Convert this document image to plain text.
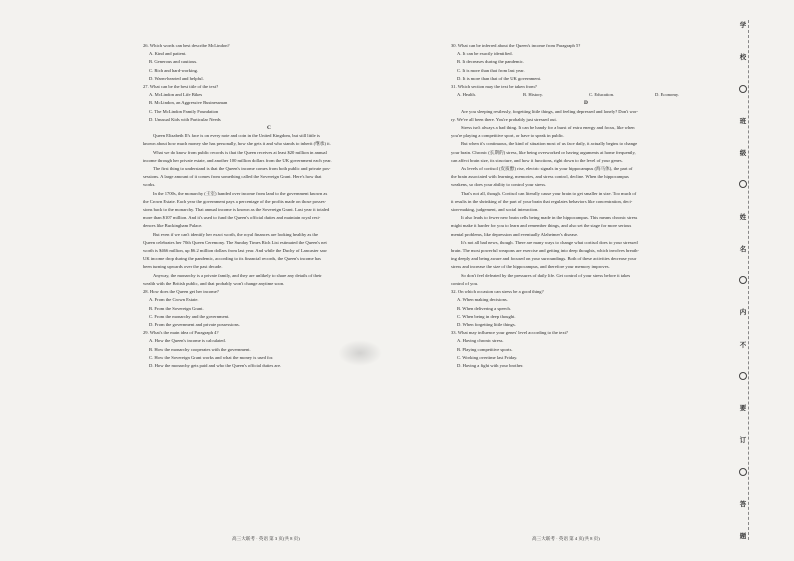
26. Which words can best describe McLindon?
A. Kind and patient.
B. Generous and cautious.
C. Rich and hard-working.
D. Warm-hearted and helpful.
27. What can be the best title of the text?
A. McLindon and Life Bikes
B. McLindon, an Aggressive Businessman
C. The McLindon Family Foundation
D. Unusual Kids with Particular Needs
C
Queen Elizabeth II's face is on every note and coin in the United Kingdom, but still little is
known about how much money she has personally, how she gets it and who stands to inherit (继承) it.
What we do know from public records is that the Queen receives at least $20 million in annual
income through her private estate, and another 100 million dollars from the UK government each year.
The first thing to understand is that the Queen's income comes from both public and private pos-
sessions. A large amount of it comes from something called the Sovereign Grant. Here's how that
works.
In the 1700s, the monarchy (王室) handed over income from land to the government known as
the Crown Estate. Each year the government pays a percentage of the profits made on those posses-
sions back to the monarchy. That annual income is known as the Sovereign Grant. Last year it totaled
more than $107 million. And it's used to fund the Queen's official duties and maintain royal resi-
dences like Buckingham Palace.
But even if we can't identify her exact worth, the royal finances are looking healthy as the
Queen celebrates her 70th Queen Ceremony. The Sunday Times Rich List estimated the Queen's net
worth is $466 million, up $6.2 million dollars from last year. And while the Duchy of Lancaster saw
UK income drop during the pandemic, according to its financial records, the Queen's income has
been turning upwards over the past decade.
Anyway, the monarchy is a private family, and they are unlikely to share any details of their
wealth with the British public, and that probably won't change anytime soon.
28. How does the Queen get her income?
A. From the Crown Estate.
B. From the Sovereign Grant.
C. From the monarchy and the government.
D. From the government and private possessions.
29. What's the main idea of Paragraph 4?
A. How the Queen's income is calculated.
B. How the monarchy cooperates with the government.
C. How the Sovereign Grant works and what the money is used for.
D. How the monarchy gets paid and who the Queen's official duties are.
30. What can be inferred about the Queen's income from Paragraph 5?
A. It can be exactly identified.
B. It decreases during the pandemic.
C. It is more than that from last year.
D. It is more than that of the UK government.
31. Which section may the text be taken from?
A. Health.	B. History.	C. Education.	D. Economy.
D
Are you sleeping restlessly, forgetting little things, and feeling depressed and lonely? Don't wor-
ry. We've all been there. You're probably just stressed out.
Stress isn't always a bad thing. It can be handy for a burst of extra energy and focus, like when
you're playing a competitive sport, or have to speak in public.
But when it's continuous, the kind of situation most of us face daily, it actually begins to change
your brain. Chronic (长期的) stress, like being overworked or having arguments at home frequently,
can affect brain size, its structure, and how it functions, right down to the level of your genes.
As levels of cortisol (皮质醇) rise, electric signals in your hippocampus (海马体), the part of
the brain associated with learning, memories, and stress control, decline. When the hippocampus
weakens, so does your ability to control your stress.
That's not all, though. Cortisol can literally cause your brain to get smaller in size. Too much of
it results in the shrinking of the part of your brain that regulates behaviors like concentration, deci-
sion-making, judgement, and social interaction.
It also leads to fewer new brain cells being made in the hippocampus. This means chronic stress
might make it harder for you to learn and remember things, and also set the stage for more serious
mental problems, like depression and eventually Alzheimer's disease.
It's not all bad news, though. There are many ways to change what cortisol does to your stressed
brain. The most powerful weapons are exercise and getting into deep thoughts, which involves breath-
ing deeply and being aware and focused on your surroundings. Both of these activities decrease your
stress and increase the size of the hippocampus, and therefore your memory improves.
So don't feel defeated by the pressures of daily life. Get control of your stress before it takes
control of you.
32. On which occasion can stress be a good thing?
A. When making decisions.
B. When delivering a speech.
C. When being in deep thought.
D. When forgetting little things.
33. What may influence your genes' level according to the text?
A. Having chronic stress.
B. Playing competitive sports.
C. Working overtime last Friday.
D. Having a fight with your brother.
高三大联考 · 英语 第 3 页(共 8 页)	高三大联考 · 英语 第 4 页(共 8 页)
学
校
班
级
姓
名
内
不
要
订
答
题
